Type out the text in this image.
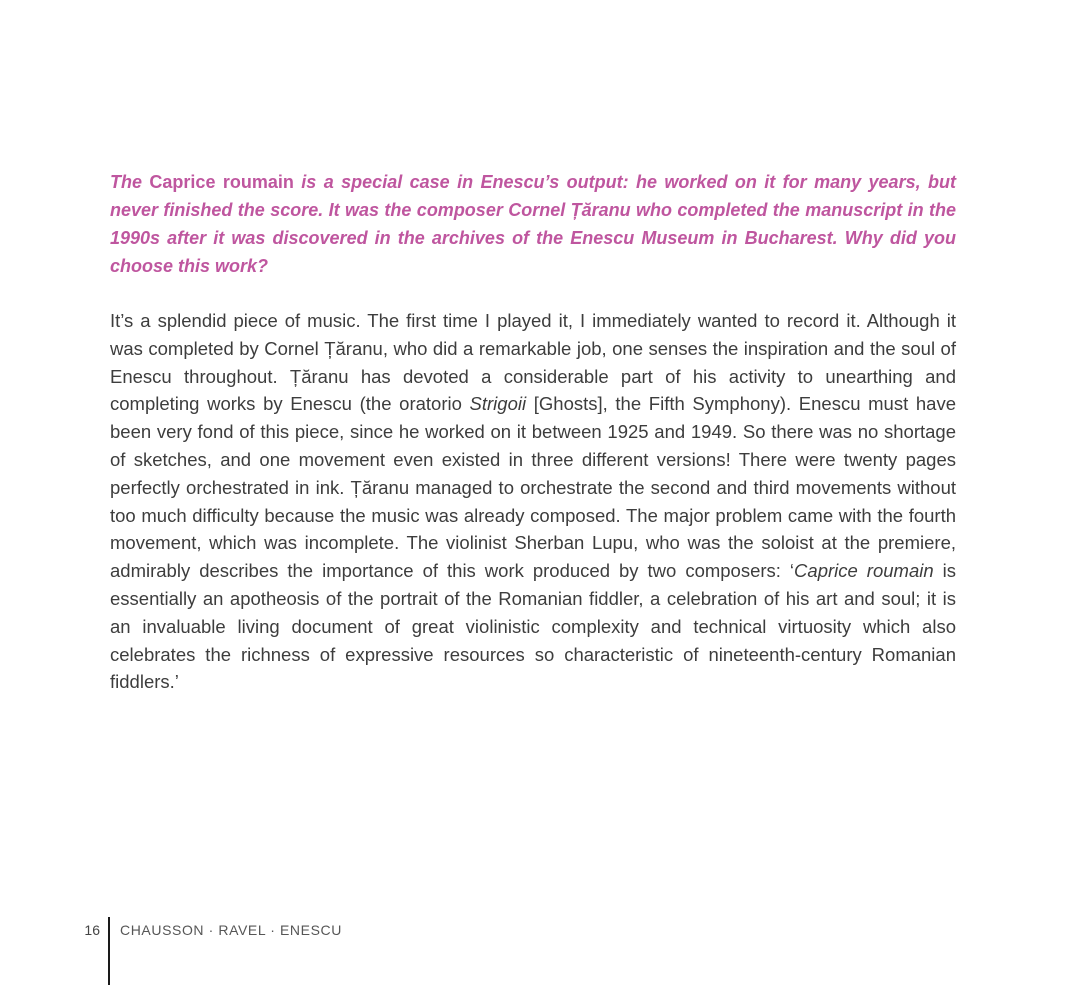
The Caprice roumain is a special case in Enescu’s output: he worked on it for many years, but never finished the score. It was the composer Cornel Țăranu who completed the manuscript in the 1990s after it was discovered in the archives of the Enescu Museum in Bucharest. Why did you choose this work?

It’s a splendid piece of music. The first time I played it, I immediately wanted to record it. Although it was completed by Cornel Țăranu, who did a remarkable job, one senses the inspiration and the soul of Enescu throughout. Țăranu has devoted a considerable part of his activity to unearthing and completing works by Enescu (the oratorio Strigoii [Ghosts], the Fifth Symphony). Enescu must have been very fond of this piece, since he worked on it between 1925 and 1949. So there was no shortage of sketches, and one movement even existed in three different versions! There were twenty pages perfectly orchestrated in ink. Țăranu managed to orchestrate the second and third movements without too much difficulty because the music was already composed. The major problem came with the fourth movement, which was incomplete. The violinist Sherban Lupu, who was the soloist at the premiere, admirably describes the importance of this work produced by two composers: ‘Caprice roumain is essentially an apotheosis of the portrait of the Romanian fiddler, a celebration of his art and soul; it is an invaluable living document of great violinistic complexity and technical virtuosity which also celebrates the richness of expressive resources so characteristic of nineteenth-century Romanian fiddlers.’

16 CHAUSSON · RAVEL · ENESCU
